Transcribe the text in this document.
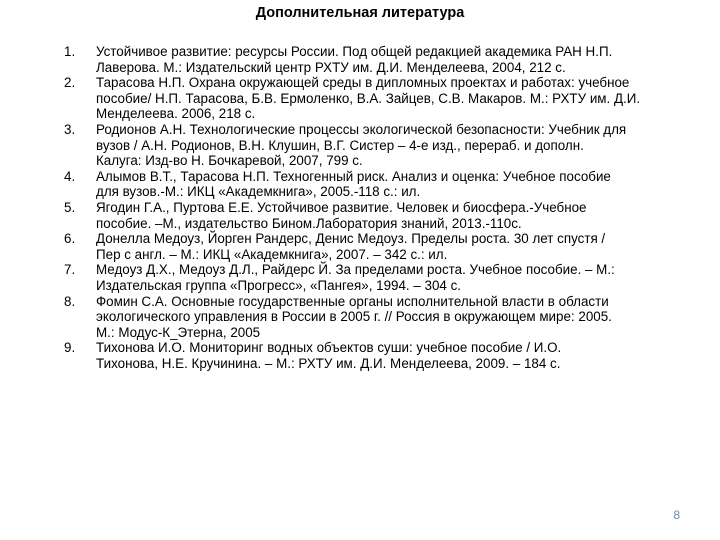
Дополнительная литература
1.	Устойчивое развитие: ресурсы России. Под общей редакцией академика РАН Н.П.
Лаверова. М.: Издательский центр РХТУ им. Д.И. Менделеева, 2004, 212 с.
2.	Тарасова Н.П. Охрана окружающей среды в дипломных проектах и работах: учебное
пособие/ Н.П. Тарасова, Б.В. Ермоленко, В.А. Зайцев, С.В. Макаров. М.: РХТУ им. Д.И.
Менделеева. 2006, 218 с.
3.	Родионов А.Н. Технологические процессы экологической безопасности: Учебник для
вузов / А.Н. Родионов, В.Н. Клушин, В.Г. Систер – 4-е изд., перераб. и дополн.
Калуга: Изд-во Н. Бочкаревой, 2007, 799 с.
4.	Алымов В.Т., Тарасова Н.П. Техногенный риск. Анализ и оценка: Учебное пособие
для вузов.-М.: ИКЦ «Академкнига», 2005.-118 с.: ил.
5.	Ягодин Г.А., Пуртова Е.Е. Устойчивое развитие. Человек и биосфера.-Учебное
пособие. –М., издательство Бином.Лаборатория знаний, 2013.-110с.
6.	Донелла Медоуз, Йорген Рандерс, Денис Медоуз. Пределы роста. 30 лет спустя /
Пер с англ. – М.: ИКЦ «Академкнига», 2007. – 342 с.: ил.
7.	Медоуз Д.Х., Медоуз Д.Л., Райдерс Й. За пределами роста. Учебное пособие. – М.:
Издательская группа «Прогресс», «Пангея», 1994. – 304 с.
8.	Фомин С.А. Основные государственные органы исполнительной власти в области
экологического управления в России в 2005 г. // Россия в окружающем мире: 2005.
М.: Модус-К_Этерна, 2005
9.	Тихонова И.О. Мониторинг водных объектов суши: учебное пособие / И.О.
Тихонова, Н.Е. Кручинина. – М.: РХТУ им. Д.И. Менделеева, 2009. – 184 с.
8
